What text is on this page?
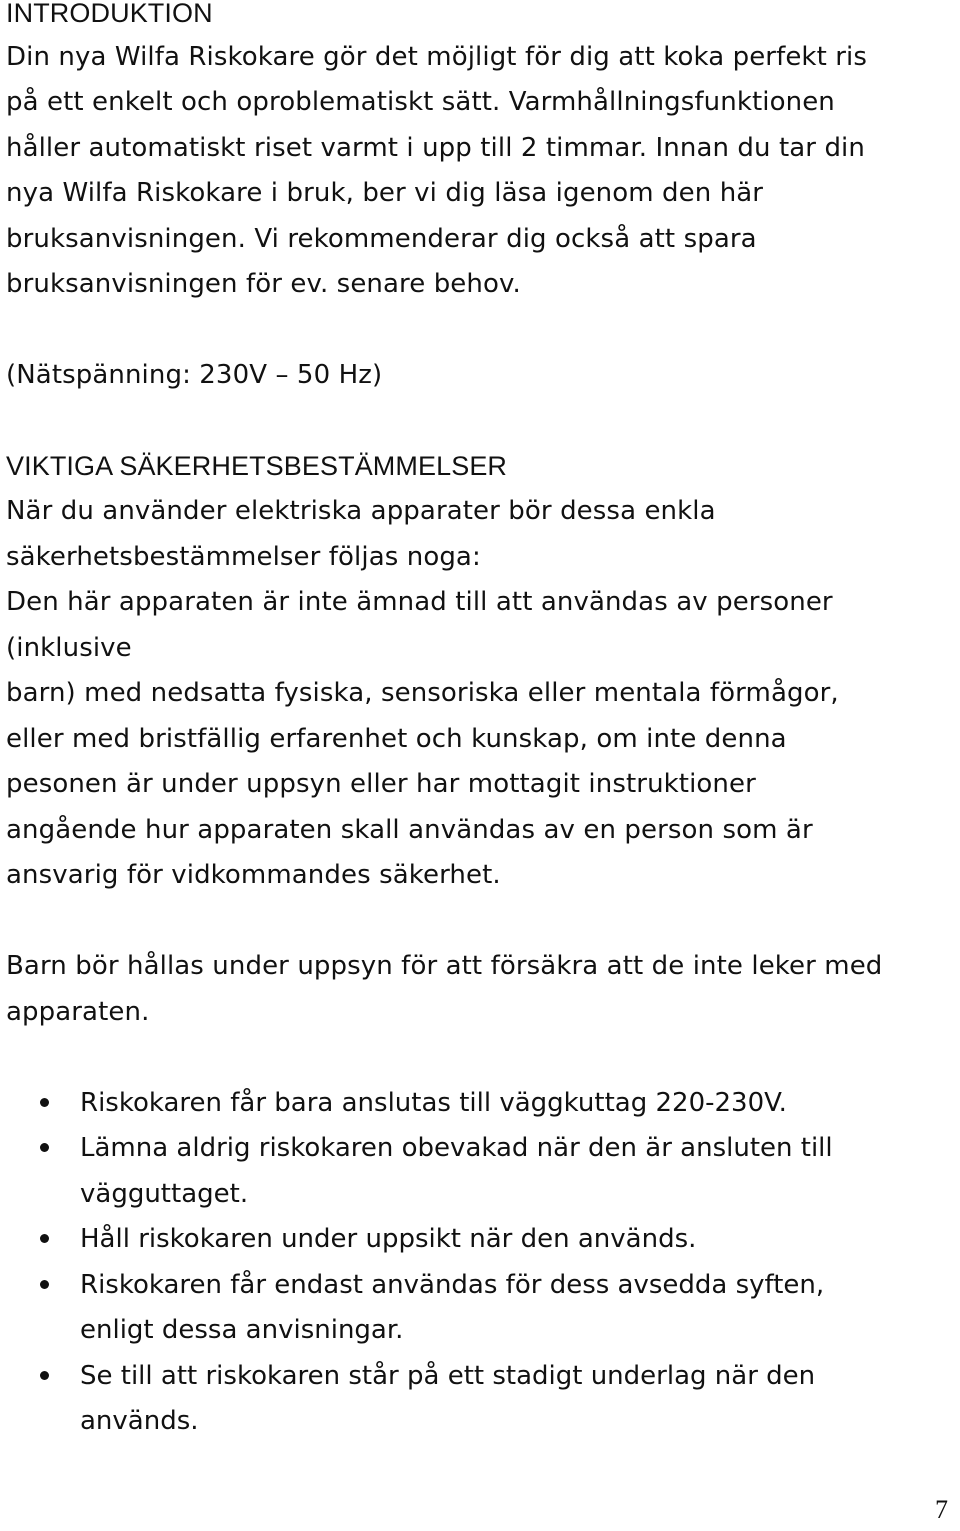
INTRODUKTION
Din nya Wilfa Riskokare gör det möjligt för dig att koka perfekt ris
på ett enkelt och oproblematiskt sätt. Varmhållningsfunktionen
håller automatiskt riset varmt i upp till 2 timmar. Innan du tar din
nya Wilfa Riskokare i bruk, ber vi dig läsa igenom den här
bruksanvisningen. Vi rekommenderar dig också att spara
bruksanvisningen för ev. senare behov.
(Nätspänning: 230V – 50 Hz)
VIKTIGA SÄKERHETSBESTÄMMELSER
När du använder elektriska apparater bör dessa enkla
säkerhetsbestämmelser följas noga:
Den här apparaten är inte ämnad till att användas av personer
(inklusive
barn) med nedsatta fysiska, sensoriska eller mentala förmågor,
eller med bristfällig erfarenhet och kunskap, om inte denna
pesonen är under uppsyn eller har mottagit instruktioner
angående hur apparaten skall användas av en person som är
ansvarig för vidkommandes säkerhet.
Barn bör hållas under uppsyn för att försäkra att de inte leker med
apparaten.
Riskokaren får bara anslutas till väggkuttag 220-230V.
Lämna aldrig riskokaren obevakad när den är ansluten till
vägguttaget.
Håll riskokaren under uppsikt när den används.
Riskokaren får endast användas för dess avsedda syften,
enligt dessa anvisningar.
Se till att riskokaren står på ett stadigt underlag när den
används.
7
